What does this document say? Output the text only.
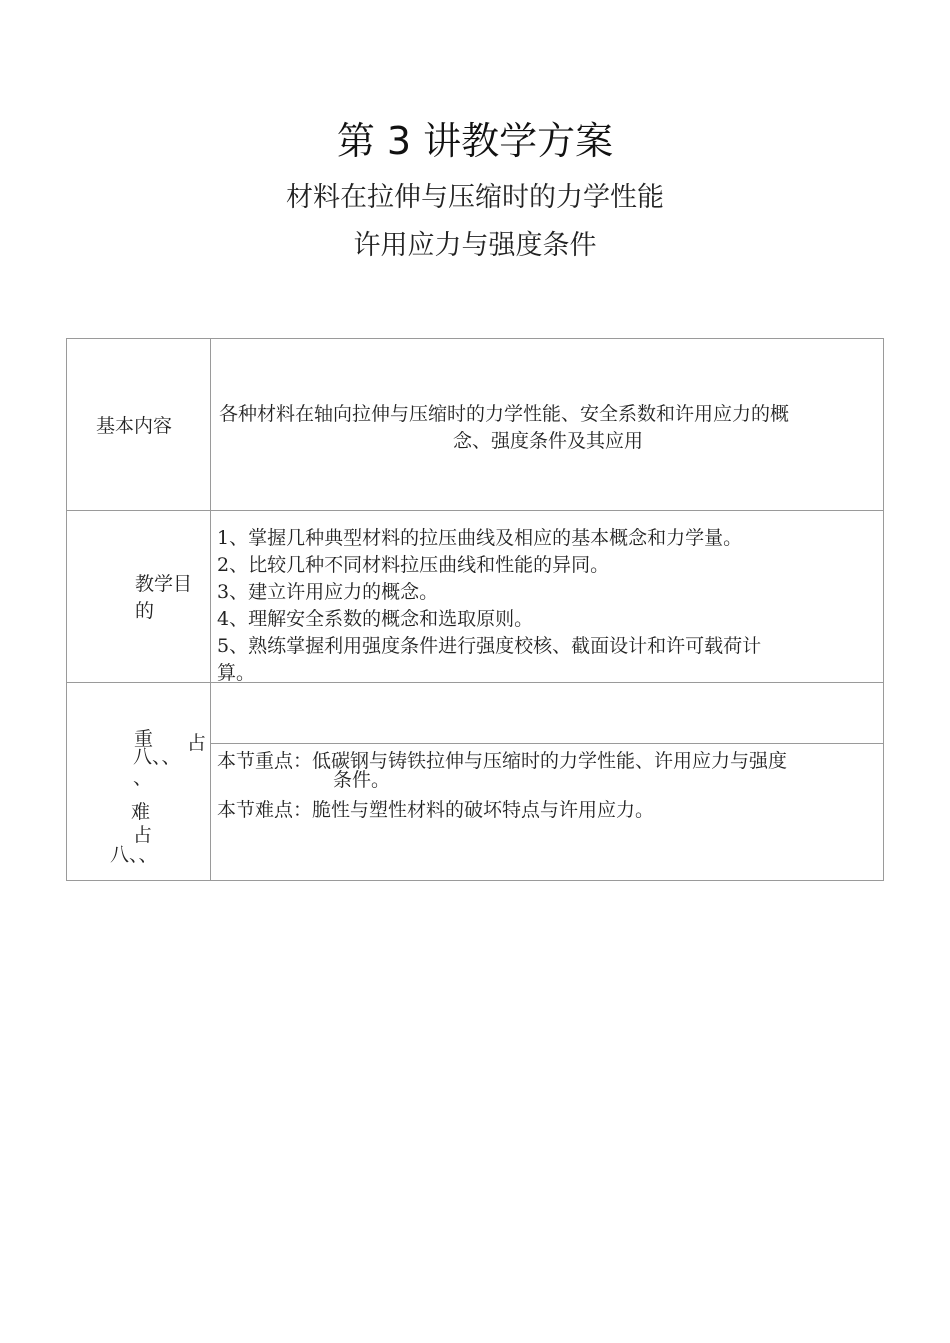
第 3 讲教学方案
材料在拉伸与压缩时的力学性能
许用应力与强度条件
基本内容
各种材料在轴向拉伸与压缩时的力学性能、安全系数和许用应力的概
念、强度条件及其应用
教学目
的
1、掌握几种典型材料的拉压曲线及相应的基本概念和力学量。
2、比较几种不同材料拉压曲线和性能的异同。
3、建立许用应力的概念。
4、理解安全系数的概念和选取原则。
5、熟练掌握利用强度条件进行强度校核、截面设计和许可载荷计
算。
重 占
八、、
、
难
占
八、、
本节重点：低碳钢与铸铁拉伸与压缩时的力学性能、许用应力与强度
条件。
本节难点：脆性与塑性材料的破坏特点与许用应力。
